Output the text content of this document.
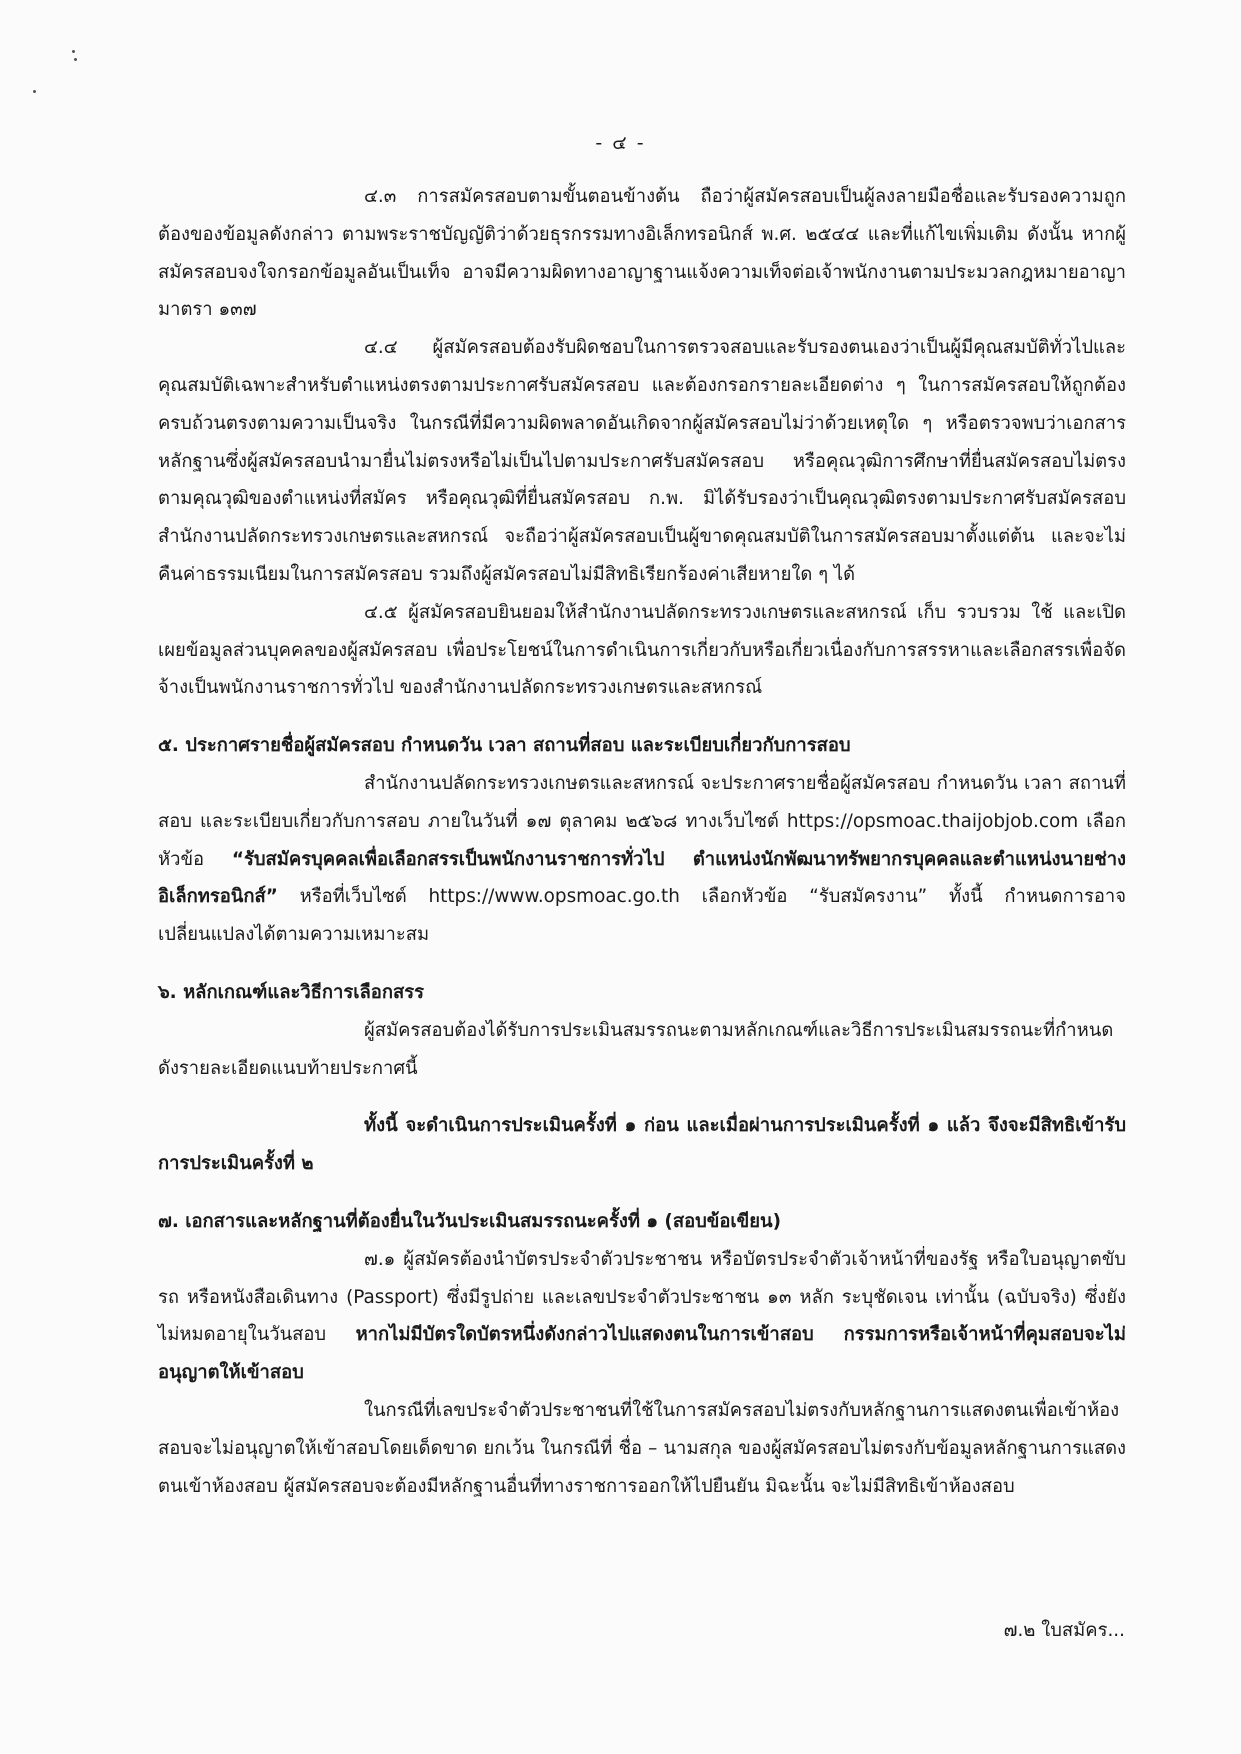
- ๔ -

๔.๓ การสมัครสอบตามขั้นตอนข้างต้น ถือว่าผู้สมัครสอบเป็นผู้ลงลายมือชื่อและรับรองความถูกต้องของข้อมูลดังกล่าว ตามพระราชบัญญัติว่าด้วยธุรกรรมทางอิเล็กทรอนิกส์ พ.ศ. ๒๕๔๔ และที่แก้ไขเพิ่มเติม ดังนั้น หากผู้สมัครสอบจงใจกรอกข้อมูลอันเป็นเท็จ อาจมีความผิดทางอาญาฐานแจ้งความเท็จต่อเจ้าพนักงานตามประมวลกฎหมายอาญา มาตรา ๑๓๗

๔.๔ ผู้สมัครสอบต้องรับผิดชอบในการตรวจสอบและรับรองตนเองว่าเป็นผู้มีคุณสมบัติทั่วไปและคุณสมบัติเฉพาะสำหรับตำแหน่งตรงตามประกาศรับสมัครสอบ และต้องกรอกรายละเอียดต่าง ๆ ในการสมัครสอบให้ถูกต้องครบถ้วนตรงตามความเป็นจริง ในกรณีที่มีความผิดพลาดอันเกิดจากผู้สมัครสอบไม่ว่าด้วยเหตุใด ๆ หรือตรวจพบว่าเอกสารหลักฐานซึ่งผู้สมัครสอบนำมายื่นไม่ตรงหรือไม่เป็นไปตามประกาศรับสมัครสอบ หรือคุณวุฒิการศึกษาที่ยื่นสมัครสอบไม่ตรงตามคุณวุฒิของตำแหน่งที่สมัคร หรือคุณวุฒิที่ยื่นสมัครสอบ ก.พ. มิได้รับรองว่าเป็นคุณวุฒิตรงตามประกาศรับสมัครสอบ สำนักงานปลัดกระทรวงเกษตรและสหกรณ์ จะถือว่าผู้สมัครสอบเป็นผู้ขาดคุณสมบัติในการสมัครสอบมาตั้งแต่ต้น และจะไม่คืนค่าธรรมเนียมในการสมัครสอบ รวมถึงผู้สมัครสอบไม่มีสิทธิเรียกร้องค่าเสียหายใด ๆ ได้

๔.๕ ผู้สมัครสอบยินยอมให้สำนักงานปลัดกระทรวงเกษตรและสหกรณ์ เก็บ รวบรวม ใช้ และเปิดเผยข้อมูลส่วนบุคคลของผู้สมัครสอบ เพื่อประโยชน์ในการดำเนินการเกี่ยวกับหรือเกี่ยวเนื่องกับการสรรหาและเลือกสรรเพื่อจัดจ้างเป็นพนักงานราชการทั่วไป ของสำนักงานปลัดกระทรวงเกษตรและสหกรณ์

๕. ประกาศรายชื่อผู้สมัครสอบ กำหนดวัน เวลา สถานที่สอบ และระเบียบเกี่ยวกับการสอบ

สำนักงานปลัดกระทรวงเกษตรและสหกรณ์ จะประกาศรายชื่อผู้สมัครสอบ กำหนดวัน เวลา สถานที่สอบ และระเบียบเกี่ยวกับการสอบ ภายในวันที่ ๑๗ ตุลาคม ๒๕๖๘ ทางเว็บไซต์ https://opsmoac.thaijobjob.com เลือกหัวข้อ “รับสมัครบุคคลเพื่อเลือกสรรเป็นพนักงานราชการทั่วไป ตำแหน่งนักพัฒนาทรัพยากรบุคคลและตำแหน่งนายช่างอิเล็กทรอนิกส์” หรือที่เว็บไซต์ https://www.opsmoac.go.th เลือกหัวข้อ “รับสมัครงาน” ทั้งนี้ กำหนดการอาจเปลี่ยนแปลงได้ตามความเหมาะสม

๖. หลักเกณฑ์และวิธีการเลือกสรร

ผู้สมัครสอบต้องได้รับการประเมินสมรรถนะตามหลักเกณฑ์และวิธีการประเมินสมรรถนะที่กำหนด ดังรายละเอียดแนบท้ายประกาศนี้

ทั้งนี้ จะดำเนินการประเมินครั้งที่ ๑ ก่อน และเมื่อผ่านการประเมินครั้งที่ ๑ แล้ว จึงจะมีสิทธิเข้ารับการประเมินครั้งที่ ๒

๗. เอกสารและหลักฐานที่ต้องยื่นในวันประเมินสมรรถนะครั้งที่ ๑ (สอบข้อเขียน)

๗.๑ ผู้สมัครต้องนำบัตรประจำตัวประชาชน หรือบัตรประจำตัวเจ้าหน้าที่ของรัฐ หรือใบอนุญาตขับรถ หรือหนังสือเดินทาง (Passport) ซึ่งมีรูปถ่าย และเลขประจำตัวประชาชน ๑๓ หลัก ระบุชัดเจน เท่านั้น (ฉบับจริง) ซึ่งยังไม่หมดอายุในวันสอบ หากไม่มีบัตรใดบัตรหนึ่งดังกล่าวไปแสดงตนในการเข้าสอบ กรรมการหรือเจ้าหน้าที่คุมสอบจะไม่อนุญาตให้เข้าสอบ

ในกรณีที่เลขประจำตัวประชาชนที่ใช้ในการสมัครสอบไม่ตรงกับหลักฐานการแสดงตนเพื่อเข้าห้องสอบจะไม่อนุญาตให้เข้าสอบโดยเด็ดขาด ยกเว้น ในกรณีที่ ชื่อ – นามสกุล ของผู้สมัครสอบไม่ตรงกับข้อมูลหลักฐานการแสดงตนเข้าห้องสอบ ผู้สมัครสอบจะต้องมีหลักฐานอื่นที่ทางราชการออกให้ไปยืนยัน มิฉะนั้น จะไม่มีสิทธิเข้าห้องสอบ

๗.๒ ใบสมัคร...
